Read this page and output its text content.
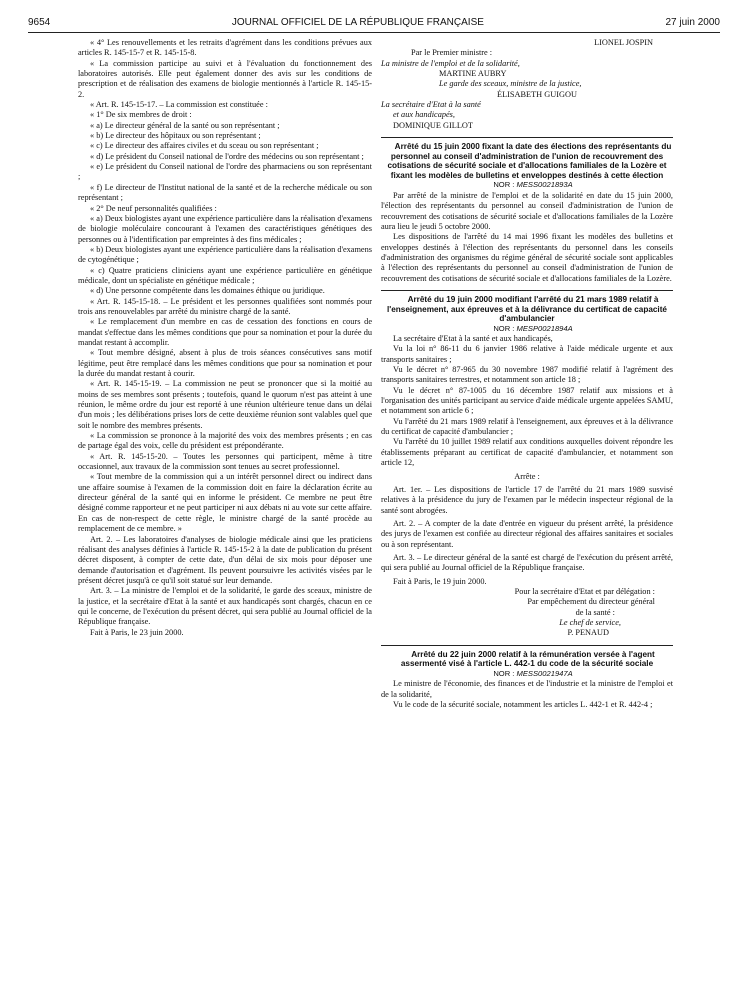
9654	JOURNAL OFFICIEL DE LA RÉPUBLIQUE FRANÇAISE	27 juin 2000

« 4° Les renouvellements et les retraits d'agrément dans les conditions prévues aux articles R. 145-15-7 et R. 145-15-8.

« La commission participe au suivi et à l'évaluation du fonctionnement des laboratoires autorisés. Elle peut également donner des avis sur les conditions de prescription et de réalisation des examens de biologie mentionnés à l'article R. 145-15-2.

« Art. R. 145-15-17. – La commission est constituée :

« 1° De six membres de droit :

« a) Le directeur général de la santé ou son représentant ;

« b) Le directeur des hôpitaux ou son représentant ;

« c) Le directeur des affaires civiles et du sceau ou son représentant ;

« d) Le président du Conseil national de l'ordre des médecins ou son représentant ;

« e) Le président du Conseil national de l'ordre des pharmaciens ou son représentant ;

« f) Le directeur de l'Institut national de la santé et de la recherche médicale ou son représentant ;

« 2° De neuf personnalités qualifiées :

« a) Deux biologistes ayant une expérience particulière dans la réalisation d'examens de biologie moléculaire concourant à l'examen des caractéristiques génétiques des personnes ou à l'identification par empreintes à des fins médicales ;

« b) Deux biologistes ayant une expérience particulière dans la réalisation d'examens de cytogénétique ;

« c) Quatre praticiens cliniciens ayant une expérience particulière en génétique médicale, dont un spécialiste en génétique médicale ;

« d) Une personne compétente dans les domaines éthique ou juridique.

« Art. R. 145-15-18. – Le président et les personnes qualifiées sont nommés pour trois ans renouvelables par arrêté du ministre chargé de la santé.

« Le remplacement d'un membre en cas de cessation des fonctions en cours de mandat s'effectue dans les mêmes conditions que pour sa nomination et pour la durée du mandat restant à accomplir.

« Tout membre désigné, absent à plus de trois séances consécutives sans motif légitime, peut être remplacé dans les mêmes conditions que pour sa nomination et pour la durée du mandat restant à courir.

« Art. R. 145-15-19. – La commission ne peut se prononcer que si la moitié au moins de ses membres sont présents ; toutefois, quand le quorum n'est pas atteint à une réunion, le même ordre du jour est reporté à une réunion ultérieure tenue dans un délai d'un mois ; les délibérations prises lors de cette deuxième réunion sont valables quel que soit le nombre des membres présents.

« La commission se prononce à la majorité des voix des membres présents ; en cas de partage égal des voix, celle du président est prépondérante.

« Art. R. 145-15-20. – Toutes les personnes qui participent, même à titre occasionnel, aux travaux de la commission sont tenues au secret professionnel.

« Tout membre de la commission qui a un intérêt personnel direct ou indirect dans une affaire soumise à l'examen de la commission doit en faire la déclaration écrite au directeur général de la santé qui en informe le président. Ce membre ne peut être désigné comme rapporteur et ne peut participer ni aux débats ni au vote sur cette affaire. En cas de non-respect de cette règle, le ministre chargé de la santé procède au remplacement de ce membre. »

Art. 2. – Les laboratoires d'analyses de biologie médicale ainsi que les praticiens réalisant des analyses définies à l'article R. 145-15-2 à la date de publication du présent décret disposent, à compter de cette date, d'un délai de six mois pour déposer une demande d'autorisation et d'agrément. Ils peuvent poursuivre les activités visées par le présent décret jusqu'à ce qu'il soit statué sur leur demande.

Art. 3. – La ministre de l'emploi et de la solidarité, le garde des sceaux, ministre de la justice, et la secrétaire d'Etat à la santé et aux handicapés sont chargés, chacun en ce qui le concerne, de l'exécution du présent décret, qui sera publié au Journal officiel de la République française.

Fait à Paris, le 23 juin 2000.

LIONEL JOSPIN

Par le Premier ministre :

La ministre de l'emploi et de la solidarité,

MARTINE AUBRY

Le garde des sceaux, ministre de la justice,

ÉLISABETH GUIGOU

La secrétaire d'Etat à la santé

et aux handicapés,

DOMINIQUE GILLOT

Arrêté du 15 juin 2000 fixant la date des élections des représentants du personnel au conseil d'administration de l'union de recouvrement des cotisations de sécurité sociale et d'allocations familiales de la Lozère et fixant les modèles de bulletins et enveloppes destinés à cette élection

NOR : MESS0021893A

Par arrêté de la ministre de l'emploi et de la solidarité en date du 15 juin 2000, l'élection des représentants du personnel au conseil d'administration de l'union de recouvrement des cotisations de sécurité sociale et d'allocations familiales de la Lozère aura lieu le jeudi 5 octobre 2000.

Les dispositions de l'arrêté du 14 mai 1996 fixant les modèles des bulletins et enveloppes destinés à l'élection des représentants du personnel dans les conseils d'administration des organismes du régime général de sécurité sociale sont applicables à l'élection des représentants du personnel au conseil d'administration de l'union de recouvrement des cotisations de sécurité sociale et d'allocations familiales de la Lozère.

Arrêté du 19 juin 2000 modifiant l'arrêté du 21 mars 1989 relatif à l'enseignement, aux épreuves et à la délivrance du certificat de capacité d'ambulancier

NOR : MESP0021894A

La secrétaire d'Etat à la santé et aux handicapés,

Vu la loi n° 86-11 du 6 janvier 1986 relative à l'aide médicale urgente et aux transports sanitaires ;

Vu le décret n° 87-965 du 30 novembre 1987 modifié relatif à l'agrément des transports sanitaires terrestres, et notamment son article 18 ;

Vu le décret n° 87-1005 du 16 décembre 1987 relatif aux missions et à l'organisation des unités participant au service d'aide médicale urgente appelées SAMU, et notamment son article 6 ;

Vu l'arrêté du 21 mars 1989 relatif à l'enseignement, aux épreuves et à la délivrance du certificat de capacité d'ambulancier ;

Vu l'arrêté du 10 juillet 1989 relatif aux conditions auxquelles doivent répondre les établissements préparant au certificat de capacité d'ambulancier, et notamment son article 12,

Arrête :

Art. 1er. – Les dispositions de l'article 17 de l'arrêté du 21 mars 1989 susvisé relatives à la présidence du jury de l'examen par le médecin inspecteur régional de la santé sont abrogées.

Art. 2. – A compter de la date d'entrée en vigueur du présent arrêté, la présidence des jurys de l'examen est confiée au directeur régional des affaires sanitaires et sociales ou à son représentant.

Art. 3. – Le directeur général de la santé est chargé de l'exécution du présent arrêté, qui sera publié au Journal officiel de la République française.

Fait à Paris, le 19 juin 2000.

Pour la secrétaire d'Etat et par délégation :

Par empêchement du directeur général

de la santé :

Le chef de service,

P. PENAUD

Arrêté du 22 juin 2000 relatif à la rémunération versée à l'agent assermenté visé à l'article L. 442-1 du code de la sécurité sociale

NOR : MESS0021947A

Le ministre de l'économie, des finances et de l'industrie et la ministre de l'emploi et de la solidarité,

Vu le code de la sécurité sociale, notamment les articles L. 442-1 et R. 442-4 ;
